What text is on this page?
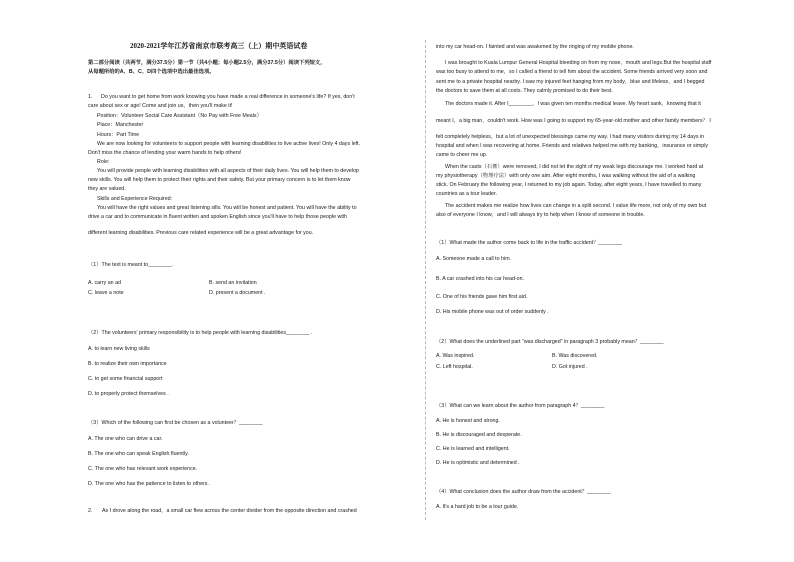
2020-2021学年江苏省南京市联考高三（上）期中英语试卷
第二部分阅读（共两节，满分37.5分）第一节（共4小题；每小题2.5分，满分37.5分）阅读下列短文，
从每题所给的A、B、C、D四个选项中选出最佳选项。
1. Do you want to get home from work knowing you have made a real difference in someone's life? If yes, don't
care about sex or age! Come and join us，then you'll make it!
Position：Volunteer Social Care Assistant（No Pay with Free Meals）
Place：Manchester
Hours：Part Time
We are now looking for volunteers to support people with learning disabilities to live active lives! Only 4 days left.
Don't miss the chance of lending your warm hands to help others!
Role:
You will provide people with learning disabilities with all aspects of their daily lives. You will help them to develop
new skills. You will help them to protect their rights and their safety. But your primary concern is to let them know
they are valued.
Skills and Experience Required:
You will have the right values and great listening sills. You will be honest and patient. You will have the ability to
drive a car and to communicate in fluent written and spoken English since you'll have to help those people with
different learning disabilities. Previous care related experience will be a great advantage for you.
（1）The text is meant to________.
A. carry an ad	B. send an invitation
C. leave a note	D. present a document .
（2）The volunteers' primary responsibility is to help people with learning disabilities________ .
A. to learn new living skills
B. to realize their own importance
C. to get some financial support
D. to properly protect themselves .
（3）Which of the following can first be chosen as a volunteer？________
A. The one who can drive a car.
B. The one who can speak English fluently.
C. The one who has relevant work experience.
D. The one who has the patience to listen to others .
2. As I drove along the road，a small car flew across the center divider from the opposite direction and crashed
into my car head-on. I fainted and was awakened by the ringing of my mobile phone.
I was brought to Kuala Lumpur General Hospital bleeding on from my nose，mouth and legs.But the hospital staff
was too busy to attend to me，so I called a friend to tell him about the accident. Some friends arrived very soon and
sent me to a private hospital nearby. I saw my injured feet hanging from my body，blue and lifeless，and I begged
the doctors to save them at all costs. They calmly promised to do their best.
The doctors made it. After I________，I was given ten months medical leave. My heart sank，knowing that it
meant I，a big man，couldn't work. How was I going to support my 65-year-old mother and other family members？ I
felt completely helpless，but a lot of unexpected blessings came my way. I had many visitors during my 14 days in
hospital and when I was recovering at home. Friends and relatives helped me with my banking，insurance or simply
came to cheer me up.
When the casts（石膏）were removed, I did not let the sight of my weak legs discourage me. I worked hard at
my physiotherapy（物理疗法）with only one aim. After eight months, I was walking without the aid of a walking
stick. On February the following year, I returned to my job again. Today, after eight years, I have travelled to many
countries as a tour leader.
The accident makes me realize how lives can change in a split second. I value life more, not only of my own but
also of everyone I know，and I will always try to help when I know of someone in trouble.
（1）What made the author come back to life in the traffic accident？________
A. Someone made a call to him.
B. A car crashed into his car head-on.
C. One of his friends gave him first aid.
D. His mobile phone was out of order suddenly .
（2）What does the underlined part "was discharged" in paragraph 3 probably mean？________
A. Was inspired.	B. Was discovered.
C. Left hospital.	D. Got injured .
（3）What can we learn about the author from paragraph 4？________
A. He is honest and strong.
B. He is discouraged and desperate.
C. He is learned and intelligent.
D. He is optimistic and determined .
（4）What conclusion does the author draw from the accident？________
A. It's a hard job to be a tour guide.
